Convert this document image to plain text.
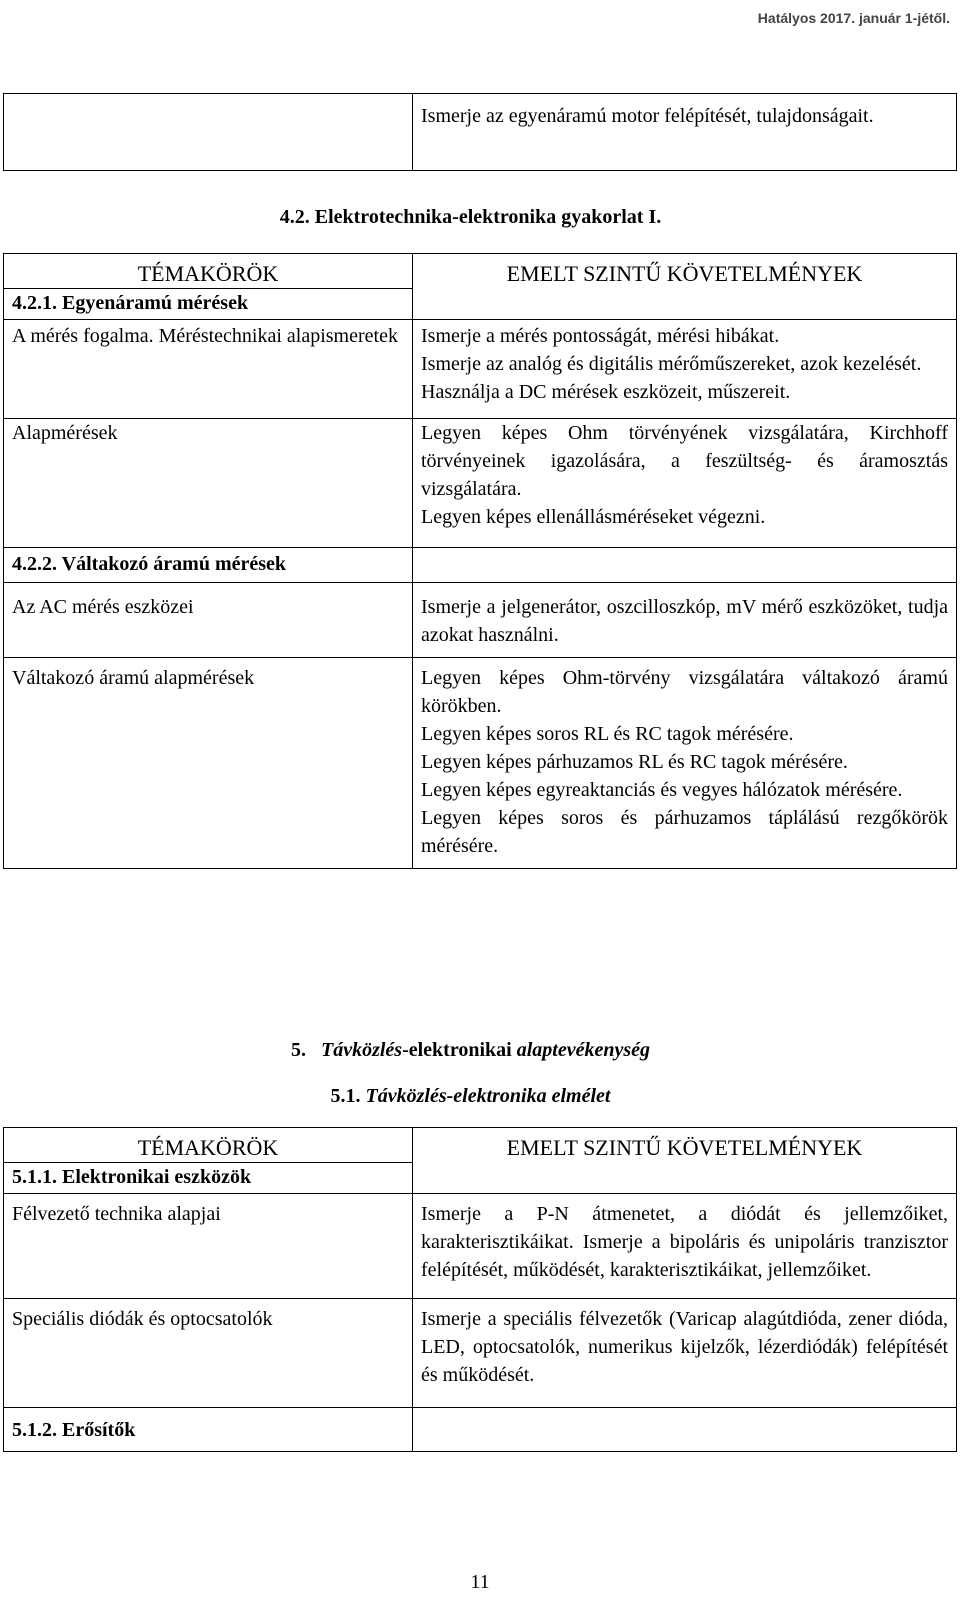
Hatályos 2017. január 1-jétől.
	Ismerje az egyenáramú motor felépítését, tulajdonságait.
4.2. Elektrotechnika-elektronika gyakorlat I.
TÉMAKÖRÖK	EMELT SZINTŰ KÖVETELMÉNYEK
4.2.1. Egyenáramú mérések	
A mérés fogalma. Méréstechnikai alapismeretek	Ismerje a mérés pontosságát, mérési hibákat.

Ismerje az analóg és digitális mérőműszereket, azok kezelését.

Használja a DC mérések eszközeit, műszereit.

Alapmérések	Legyen képes Ohm törvényének vizsgálatára, Kirchhoff törvényeinek igazolására, a feszültség- és áramosztás vizsgálatára.

Legyen képes ellenállásméréseket végezni.

4.2.2. Váltakozó áramú mérések	
Az AC mérés eszközei	Ismerje a jelgenerátor, oszcilloszkóp, mV mérő eszközöket, tudja azokat használni.
Váltakozó áramú alapmérések	Legyen képes Ohm-törvény vizsgálatára váltakozó áramú körökben.

Legyen képes soros RL és RC tagok mérésére.

Legyen képes párhuzamos RL és RC tagok mérésére.

Legyen képes egyreaktanciás és vegyes hálózatok mérésére.

Legyen képes soros és párhuzamos táplálású rezgőkörök mérésére.

5. Távközlés-elektronikai alaptevékenység
5.1. Távközlés-elektronika elmélet
TÉMAKÖRÖK	EMELT SZINTŰ KÖVETELMÉNYEK
5.1.1. Elektronikai eszközök	
Félvezető technika alapjai	Ismerje a P-N átmenetet, a diódát és jellemzőiket, karakterisztikáikat. Ismerje a bipoláris és unipoláris tranzisztor felépítését, működését, karakterisztikáikat, jellemzőiket.
Speciális diódák és optocsatolók	Ismerje a speciális félvezetők (Varicap alagútdióda, zener dióda, LED, optocsatolók, numerikus kijelzők, lézerdiódák) felépítését és működését.
5.1.2. Erősítők	
11
